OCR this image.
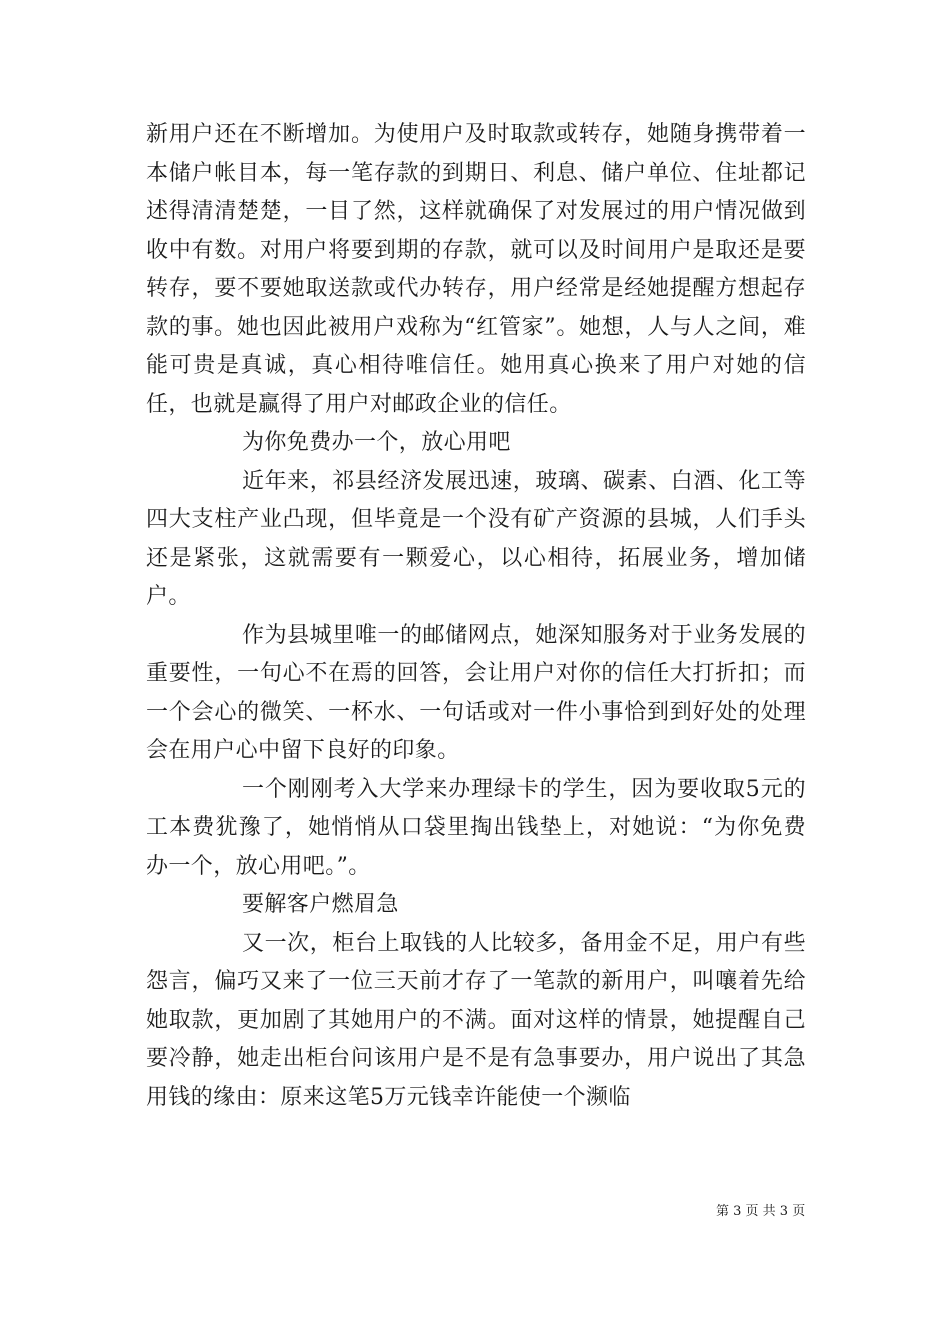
新用户还在不断增加。为使用户及时取款或转存，她随身携带着一本储户帐目本，每一笔存款的到期日、利息、储户单位、住址都记述得清清楚楚，一目了然，这样就确保了对发展过的用户情况做到收中有数。对用户将要到期的存款，就可以及时间用户是取还是要转存，要不要她取送款或代办转存，用户经常是经她提醒方想起存款的事。她也因此被用户戏称为“红管家”。她想，人与人之间，难能可贵是真诚，真心相待唯信任。她用真心换来了用户对她的信任，也就是赢得了用户对邮政企业的信任。

为你免费办一个，放心用吧

近年来，祁县经济发展迅速，玻璃、碳素、白酒、化工等四大支柱产业凸现，但毕竟是一个没有矿产资源的县城，人们手头还是紧张，这就需要有一颗爱心，以心相待，拓展业务，增加储户。

作为县城里唯一的邮储网点，她深知服务对于业务发展的重要性，一句心不在焉的回答，会让用户对你的信任大打折扣；而一个会心的微笑、一杯水、一句话或对一件小事恰到到好处的处理会在用户心中留下良好的印象。

一个刚刚考入大学来办理绿卡的学生，因为要收取5元的工本费犹豫了，她悄悄从口袋里掏出钱垫上，对她说：“为你免费办一个，放心用吧。”。

要解客户燃眉急

又一次，柜台上取钱的人比较多，备用金不足，用户有些怨言，偏巧又来了一位三天前才存了一笔款的新用户，叫嚷着先给她取款，更加剧了其她用户的不满。面对这样的情景，她提醒自己要冷静，她走出柜台问该用户是不是有急事要办，用户说出了其急用钱的缘由：原来这笔5万元钱幸许能使一个濒临

第 3 页 共 3 页
